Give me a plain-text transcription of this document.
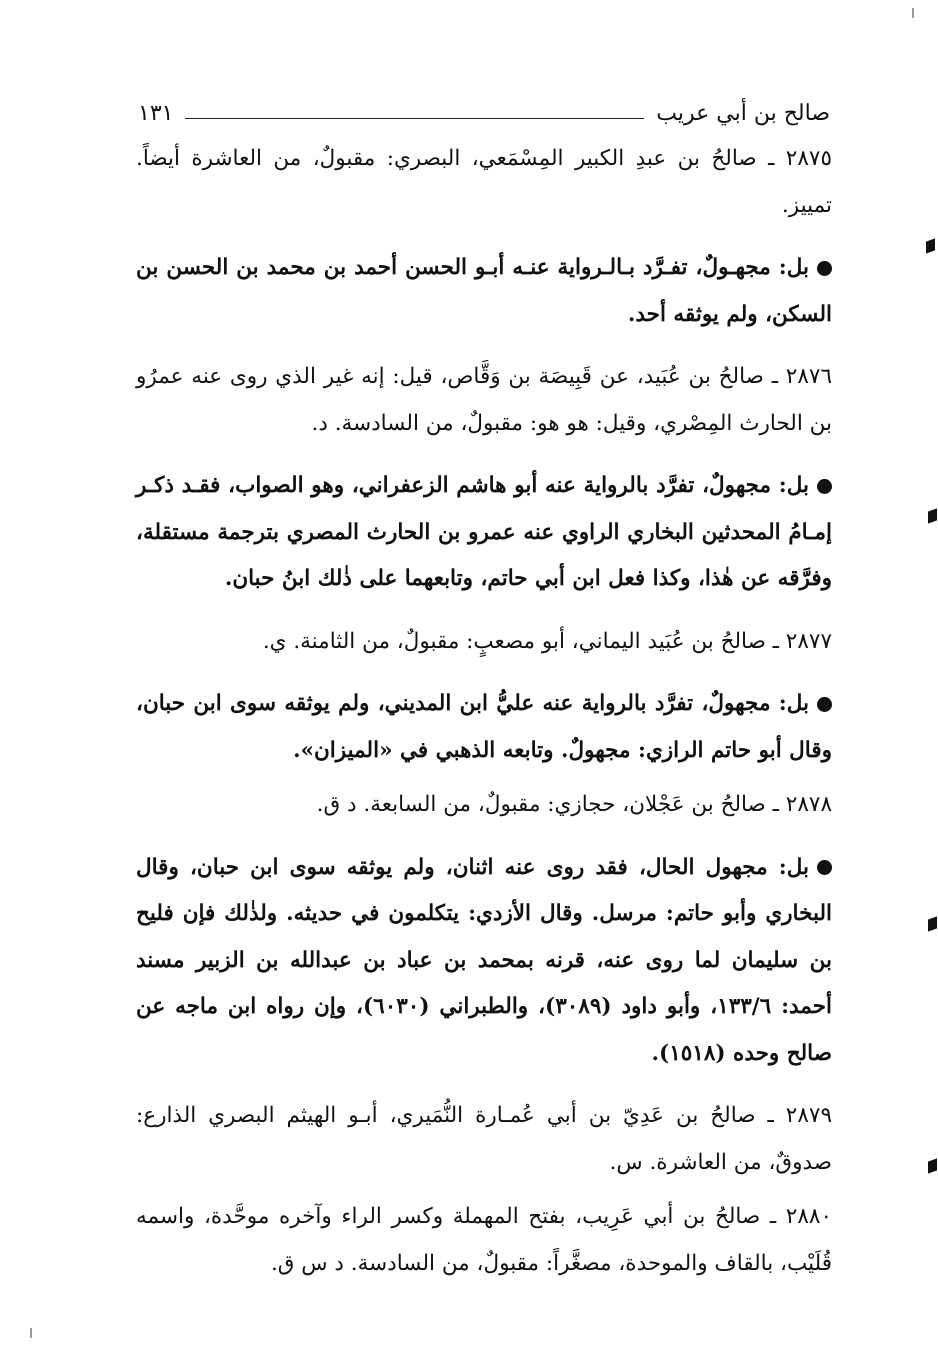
صالح بن أبي عريب
١٣١

٢٨٧٥ ـ صالحُ بن عبدِ الكبير المِسْمَعي، البصري: مقبولٌ، من العاشرة أيضاً. تمييز.

بل: مجهـولٌ، تفـرَّد بـالـرواية عنـه أبـو الحسن أحمد بن محمد بن الحسن بن السكن، ولم يوثقه أحد.

٢٨٧٦ ـ صالحُ بن عُبَيد، عن قَبِيصَة بن وَقَّاص، قيل: إنه غير الذي روى عنه عمرُو بن الحارث المِصْري، وقيل: هو هو: مقبولٌ، من السادسة. د.

بل: مجهولٌ، تفرَّد بالرواية عنه أبو هاشم الزعفراني، وهو الصواب، فقـد ذكـر إمـامُ المحدثين البخاري الراوي عنه عمرو بن الحارث المصري بترجمة مستقلة، وفرَّقه عن هٰذا، وكذا فعل ابن أبي حاتم، وتابعهما على ذٰلك ابنُ حبان.

٢٨٧٧ ـ صالحُ بن عُبَيد اليماني، أبو مصعبٍ: مقبولٌ، من الثامنة. ي.

بل: مجهولٌ، تفرَّد بالرواية عنه عليُّ ابن المديني، ولم يوثقه سوى ابن حبان، وقال أبو حاتم الرازي: مجهولٌ. وتابعه الذهبي في «الميزان».

٢٨٧٨ ـ صالحُ بن عَجْلان، حجازي: مقبولٌ، من السابعة. د ق.

بل: مجهول الحال، فقد روى عنه اثنان، ولم يوثقه سوى ابن حبان، وقال البخاري وأبو حاتم: مرسل. وقال الأزدي: يتكلمون في حديثه. ولذٰلك فإن فليح بن سليمان لما روى عنه، قرنه بمحمد بن عباد بن عبدالله بن الزبير مسند أحمد: ١٣٣/٦، وأبو داود (٣٠٨٩)، والطبراني (٦٠٣٠)، وإن رواه ابن ماجه عن صالح وحده (١٥١٨).

٢٨٧٩ ـ صالحُ بن عَدِيّ بن أبي عُمـارة النُّمَيري، أبـو الهيثم البصري الذارع: صدوقٌ، من العاشرة. س.

٢٨٨٠ ـ صالحُ بن أبي عَرِيب، بفتح المهملة وكسر الراء وآخره موحَّدة، واسمه قُلَيْب، بالقاف والموحدة، مصغَّراً: مقبولٌ، من السادسة. د س ق.
